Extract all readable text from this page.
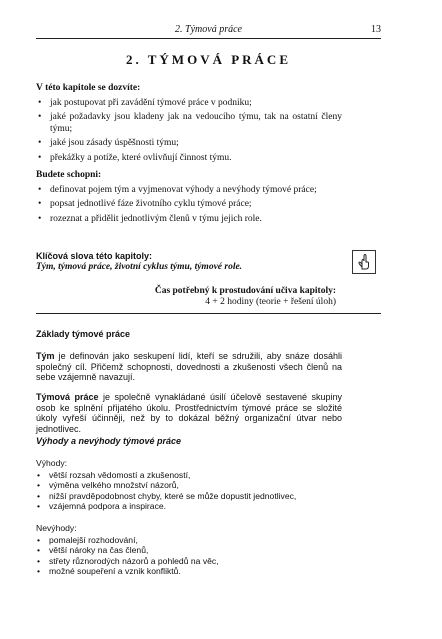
2. Týmová práce	13
2. TÝMOVÁ PRÁCE
V této kapitole se dozvíte:
• jak postupovat při zavádění týmové práce v podniku;
• jaké požadavky jsou kladeny jak na vedoucího týmu, tak na ostatní členy týmu;
• jaké jsou zásady úspěšnosti týmu;
• překážky a potíže, které ovlivňují činnost týmu.
Budete schopni:
• definovat pojem tým a vyjmenovat výhody a nevýhody týmové práce;
• popsat jednotlivé fáze životního cyklu týmové práce;
• rozeznat a přidělit jednotlivým členů v týmu jejich role.
Klíčová slova této kapitoly:
Tým, týmová práce, životní cyklus týmu, týmové role.
Čas potřebný k prostudování učiva kapitoly:
4 + 2 hodiny (teorie + řešení úloh)
Základy týmové práce
Tým je definován jako seskupení lidí, kteří se sdružili, aby snáze dosáhli společný cíl. Přičemž schopnosti, dovednosti a zkušenosti všech členů na sebe vzájemně navazují.
Týmová práce je společně vynakládané úsilí účelově sestavené skupiny osob ke splnění přijatého úkolu. Prostřednictvím týmové práce se složité úkoly vyřeší účinněji, než by to dokázal běžný organizační útvar nebo jednotlivec.
Výhody a nevýhody týmové práce
Výhody:
• větší rozsah vědomostí a zkušeností,
• výměna velkého množství názorů,
• nižší pravděpodobnost chyby, které se může dopustit jednotlivec,
• vzájemná podpora a inspirace.
Nevýhody:
• pomalejší rozhodování,
• větší nároky na čas členů,
• střety různorodých názorů a pohledů na věc,
• možné soupeření a vznik konfliktů.
